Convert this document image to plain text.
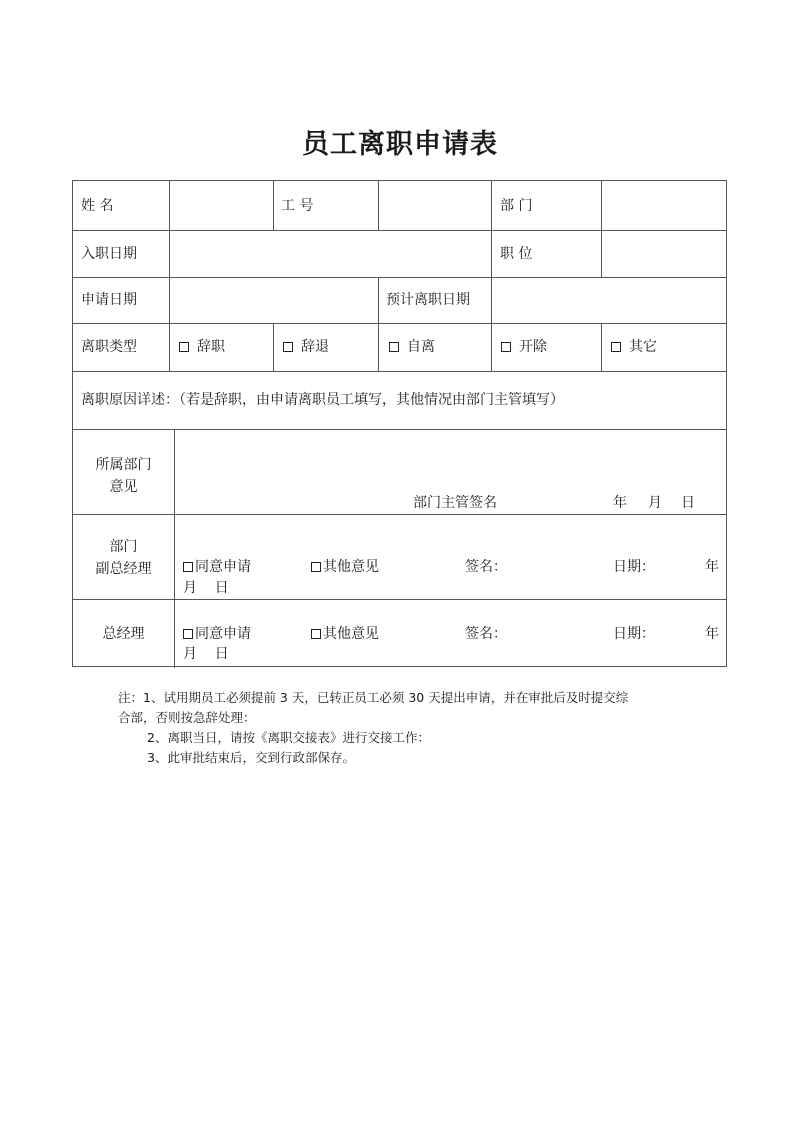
员工离职申请表
姓 名	工 号	部 门
入职日期	职 位
申请日期	预计离职日期
离职类型	辞职	辞退	自离	开除	其它
离职原因详述：（若是辞职，由申请离职员工填写，其他情况由部门主管填写）
所属部门
意见
部门主管签名	年 月 日
部门
副总经理	同意申请	其他意见	签名：	日期：	年
月    日
总经理	同意申请	其他意见	签名：	日期：	年
月    日
注：1、试用期员工必须提前 3 天，已转正员工必须 30 天提出申请，并在审批后及时提交综
合部，否则按急辞处理：
2、离职当日，请按《离职交接表》进行交接工作：
3、此审批结束后，交到行政部保存。
